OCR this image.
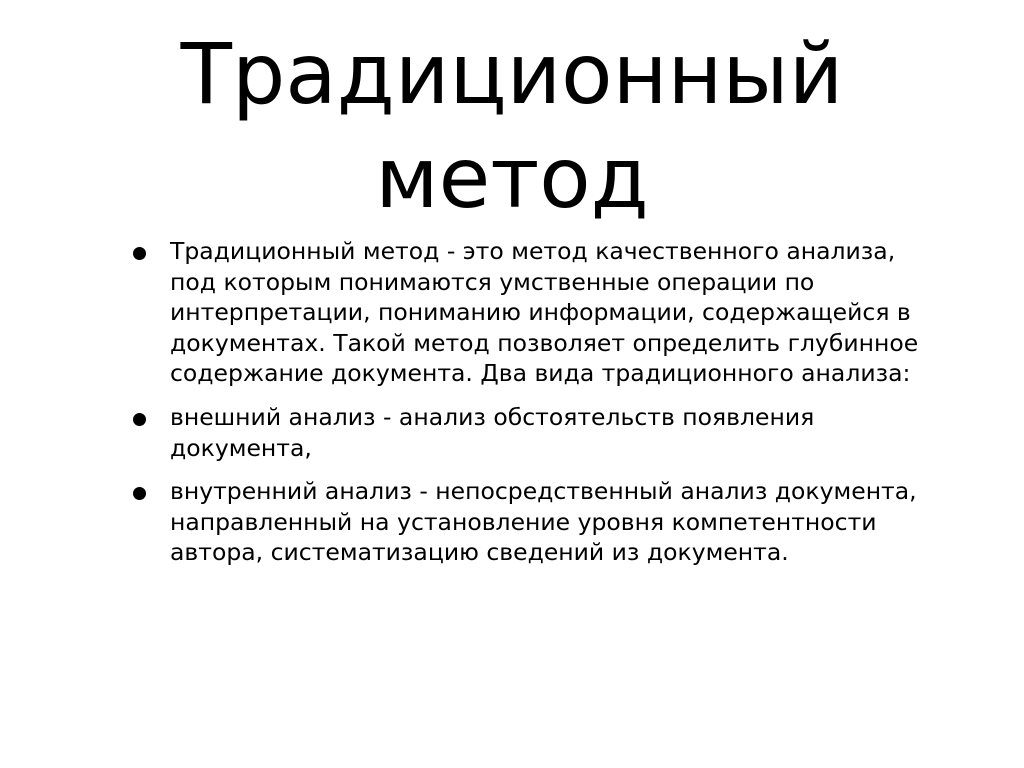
Традиционный
метод
Традиционный метод - это метод качественного анализа, под которым понимаются умственные операции по интерпретации, пониманию информации, содержащейся в документах. Такой метод позволяет определить глубинное содержание документа. Два вида традиционного анализа:
внешний анализ - анализ обстоятельств появления документа,
внутренний анализ - непосредственный анализ документа, направленный на установление уровня компетентности автора, систематизацию сведений из документа.
